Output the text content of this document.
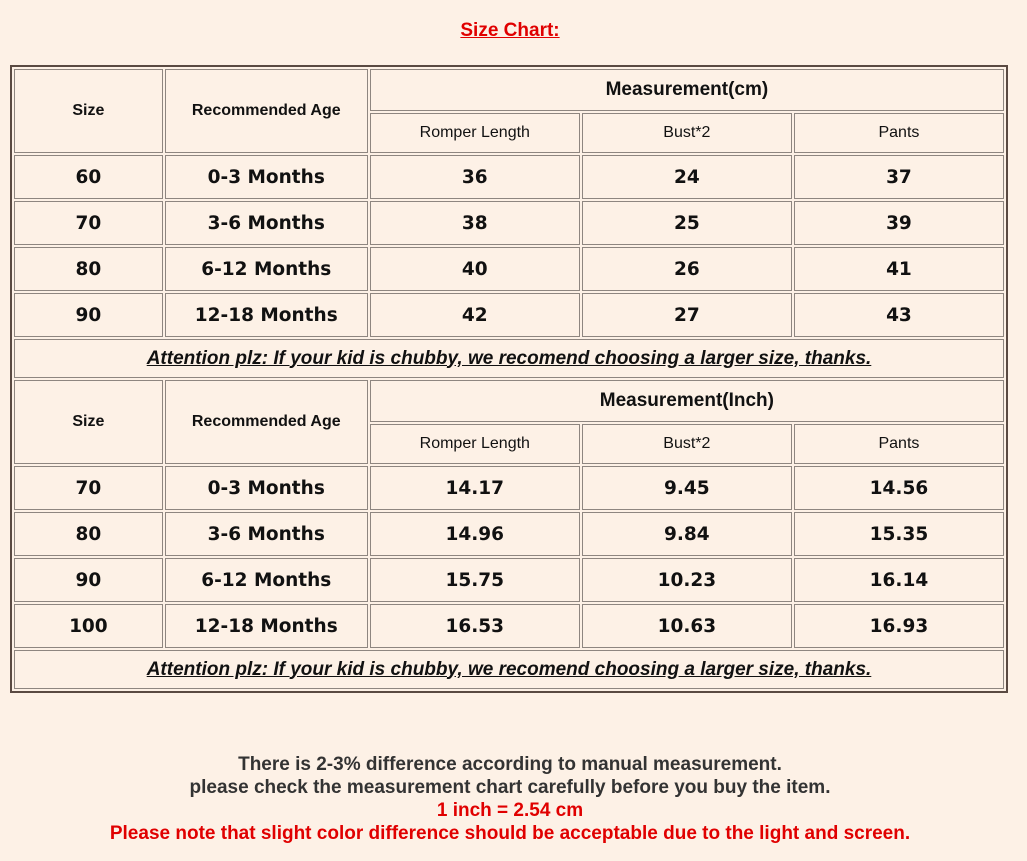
Size Chart:
Size	Recommended Age	Measurement(cm)		
		Romper Length	Bust*2	Pants
60	0-3 Months	36	24	37
70	3-6 Months	38	25	39
80	6-12 Months	40	26	41
90	12-18 Months	42	27	43
Attention plz: If your kid is chubby, we recomend choosing a larger size, thanks.				
Size	Recommended Age	Measurement(Inch)		
		Romper Length	Bust*2	Pants
70	0-3 Months	14.17	9.45	14.56
80	3-6 Months	14.96	9.84	15.35
90	6-12 Months	15.75	10.23	16.14
100	12-18 Months	16.53	10.63	16.93
Attention plz: If your kid is chubby, we recomend choosing a larger size, thanks.				
There is 2-3% difference according to manual measurement.
please check the measurement chart carefully before you buy the item.
1 inch = 2.54 cm
Please note that slight color difference should be acceptable due to the light and screen.
